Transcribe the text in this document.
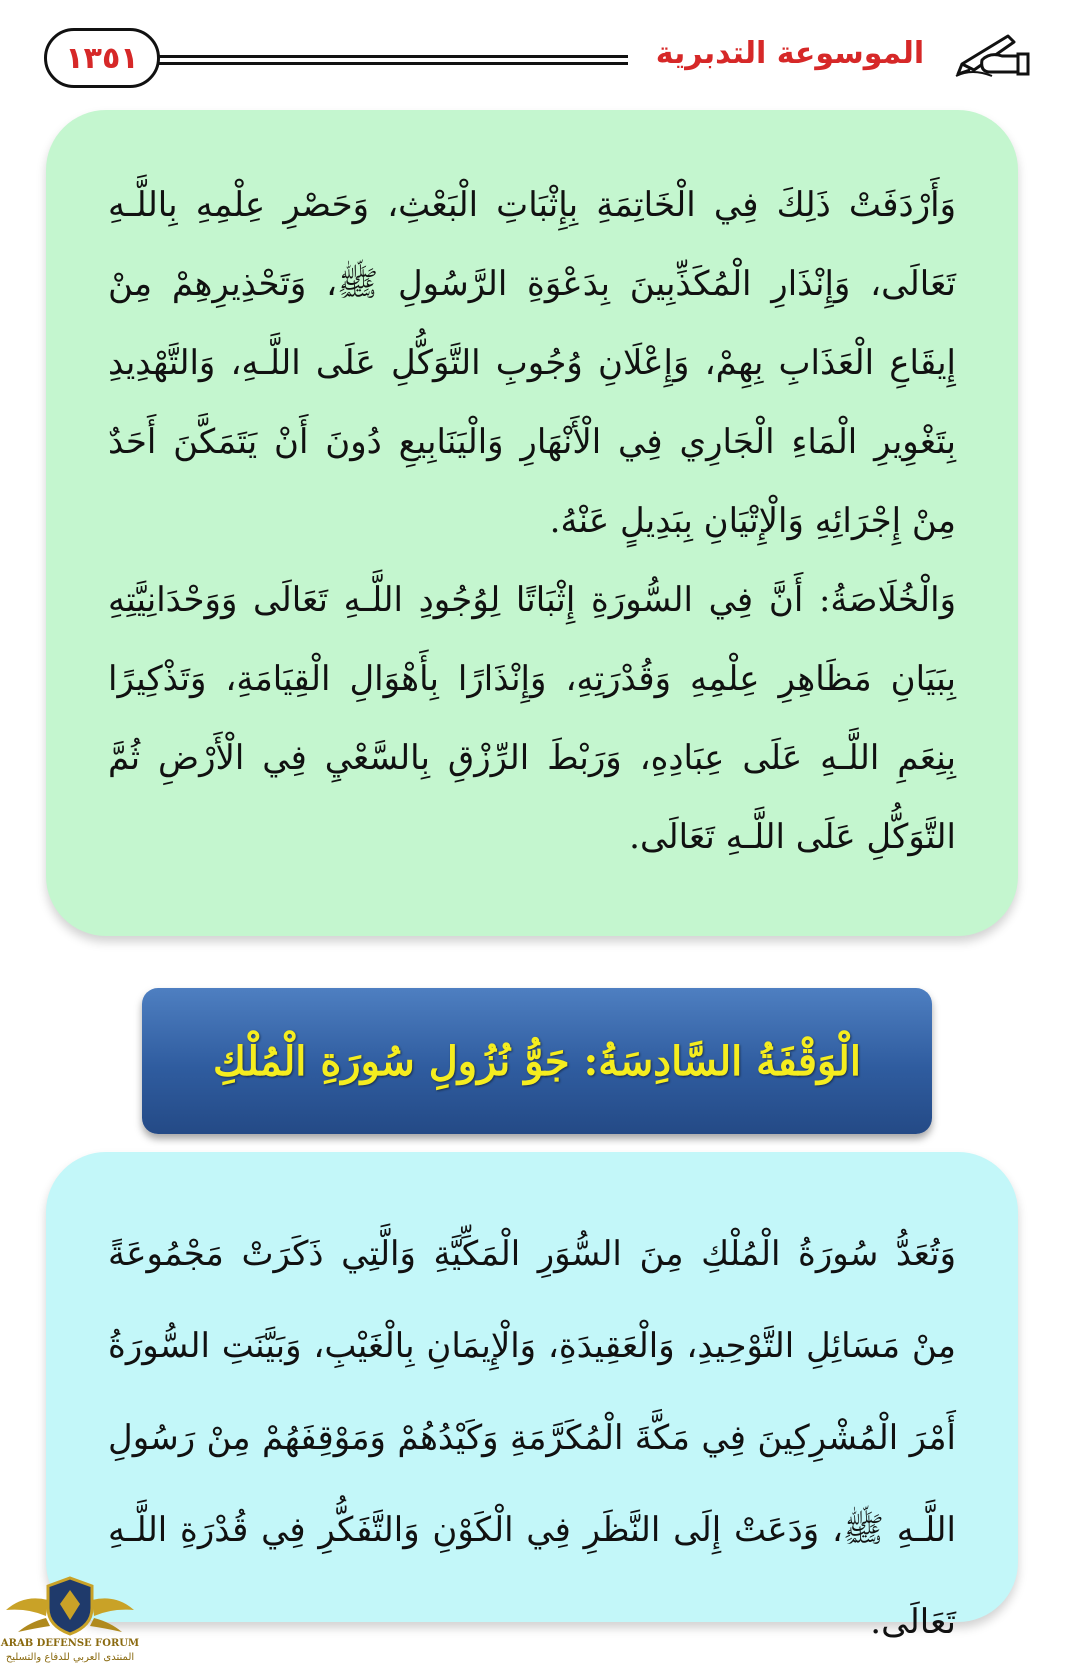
١٣٥١	الموسوعة التدبرية

وَأَرْدَفَتْ ذَلِكَ فِي الْخَاتِمَةِ بِإِثْبَاتِ الْبَعْثِ، وَحَصْرِ عِلْمِهِ بِاللَّـهِ تَعَالَى، وَإِنْذَارِ الْمُكَذِّبِينَ بِدَعْوَةِ الرَّسُولِ ﷺ، وَتَحْذِيرِهِمْ مِنْ إِيقَاعِ الْعَذَابِ بِهِمْ، وَإِعْلَانِ وُجُوبِ التَّوَكُّلِ عَلَى اللَّـهِ، وَالتَّهْدِيدِ بِتَغْوِيرِ الْمَاءِ الْجَارِي فِي الْأَنْهَارِ وَالْيَنَابِيعِ دُونَ أَنْ يَتَمَكَّنَ أَحَدٌ مِنْ إِجْرَائِهِ وَالْإِتْيَانِ بِبَدِيلٍ عَنْهُ.

وَالْخُلَاصَةُ: أَنَّ فِي السُّورَةِ إِثْبَاتًا لِوُجُودِ اللَّـهِ تَعَالَى وَوَحْدَانِيَّتِهِ بِبَيَانِ مَظَاهِرِ عِلْمِهِ وَقُدْرَتِهِ، وَإِنْذَارًا بِأَهْوَالِ الْقِيَامَةِ، وَتَذْكِيرًا بِنِعَمِ اللَّـهِ عَلَى عِبَادِهِ، وَرَبْطَ الرِّزْقِ بِالسَّعْيِ فِي الْأَرْضِ ثُمَّ التَّوَكُّلِ عَلَى اللَّـهِ تَعَالَى.

الْوَقْفَةُ السَّادِسَةُ: جَوُّ نُزُولِ سُورَةِ الْمُلْكِ

وَتُعَدُّ سُورَةُ الْمُلْكِ مِنَ السُّوَرِ الْمَكِّيَّةِ وَالَّتِي ذَكَرَتْ مَجْمُوعَةً مِنْ مَسَائِلِ التَّوْحِيدِ، وَالْعَقِيدَةِ، وَالْإِيمَانِ بِالْغَيْبِ، وَبَيَّنَتِ السُّورَةُ أَمْرَ الْمُشْرِكِينَ فِي مَكَّةَ الْمُكَرَّمَةِ وَكَيْدُهُمْ وَمَوْقِفَهُمْ مِنْ رَسُولِ اللَّـهِ ﷺ، وَدَعَتْ إِلَى النَّظَرِ فِي الْكَوْنِ وَالتَّفَكُّرِ فِي قُدْرَةِ اللَّـهِ تَعَالَى.

ARAB DEFENSE FORUM
المنتدى العربي للدفاع والتسليح
